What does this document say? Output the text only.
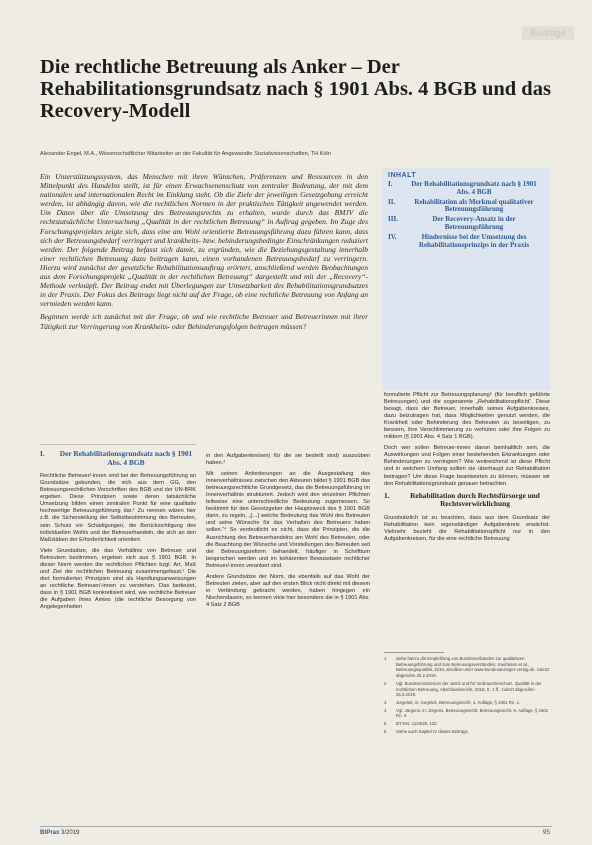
Beiträge
Die rechtliche Betreuung als Anker – Der Rehabilitationsgrundsatz nach § 1901 Abs. 4 BGB und das Recovery-Modell
Alexander Engel, M.A., Wissenschaftlicher Mitarbeiter an der Fakultät für Angewandte Sozialwissenschaften, TH Köln

Ein Unterstützungssystem, das Menschen mit ihren Wünschen, Präferenzen und Ressourcen in den Mittelpunkt des Handelns stellt, ist für einen Erwachsenenschutz von zentraler Bedeutung, der mit dem nationalen und internationalen Recht im Einklang steht. Ob die Ziele der jeweiligen Gesetzgebung erreicht werden, ist abhängig davon, wie die rechtlichen Normen in der praktischen Tätigkeit angewendet werden. Um Daten über die Umsetzung des Betreuungsrechts zu erhalten, wurde durch das BMJV die rechtstatsächliche Untersuchung „Qualität in der rechtlichen Betreuung“ in Auftrag gegeben. Im Zuge des Forschungsprojektes zeigte sich, dass eine am Wohl orientierte Betreuungsführung dazu führen kann, dass sich der Betreuungsbedarf verringert und krankheits- bzw. behinderungsbedingte Einschränkungen reduziert werden. Der folgende Beitrag befasst sich damit, zu ergründen, wie die Beziehungsgestaltung innerhalb einer rechtlichen Betreuung dazu beitragen kann, einen vorhandenen Betreuungsbedarf zu verringern. Hierzu wird zunächst der gesetzliche Rehabilitationsauftrag erörtert, anschließend werden Beobachtungen aus dem Forschungsprojekt „Qualität in der rechtlichen Betreuung“ dargestellt und mit der „Recovery“-Methode verknüpft. Der Beitrag endet mit Überlegungen zur Umsetzbarkeit des Rehabilitationsgrundsatzes in der Praxis. Der Fokus des Beitrags liegt nicht auf der Frage, ob eine rechtliche Betreuung von Anfang an vermieden werden kann.

Beginnen werde ich zunächst mit der Frage, ob und wie rechtliche Betreuer und Betreuerinnen mit ihrer Tätigkeit zur Verringerung von Krankheits- oder Behinderungsfolgen beitragen müssen?

INHALT
I.	Der Rehabilitationsgrundsatz nach § 1901 Abs. 4 BGB
II.	Rehabilitation als Merkmal qualitativer Betreuungsführung
III.	Der Recovery-Ansatz in der Betreuungsführung
IV.	Hindernisse bei der Umsetzung des Rehabilitationsprinzips in der Praxis
I.	Der Rehabilitationsgrundsatz nach § 1901 Abs. 4 BGB

Rechtliche Betreuer/-innen sind bei der Betreuungsführung an Grundsätze gebunden, die sich aus dem GG, den Betreuungsrechtlichen Vorschriften des BGB und der UN-BRK ergeben. Diese Prinzipien sowie deren tatsächliche Umsetzung bilden einen zentralen Punkt für eine qualitativ hochwertige Betreuungsführung dar.¹ Zu nennen wären hier z.B. die Sicherstellung der Selbstbestimmung des Betreuten, sein Schutz vor Schädigungen, die Berücksichtigung des individuellen Wohls und der Betreuerhandeln, die sich an den Maßstäben der Erforderlichkeit orientiert.

Viele Grundsätze, die das Verhältnis von Betreuer und Betreutem bestimmen, ergeben sich aus § 1901 BGB. In dieser Norm werden die rechtlichen Pflichten bzgl. Art, Maß und Ziel der rechtlichen Betreuung zusammengefasst.² Die dort formulierten Prinzipien sind als Handlungsanweisungen an rechtliche Betreuer/-innen zu verstehen. Das bedeutet, dass in § 1901 BGB konkretisiert wird, wie rechtliche Betreuer die Aufgaben ihres Amtes (die rechtliche Besorgung von Angelegenheiten

in den Aufgabenkreisen) für die sie bestellt sind) auszuüben haben.³

Mit seinen Anforderungen an die Ausgestaltung des Innenverhältnisses zwischen den Akteuren bildet § 1901 BGB das betreuungsrechtliche Grundgesetz, das die Betreuungsführung im Innenverhältnis strukturiert. Jedoch wird den einzelnen Pflichten teilweise eine unterschiedliche Bedeutung zugemessen. So bestimmt für den Gesetzgeber der Hauptzweck des § 1901 BGB darin, zu regeln, „[…] welche Bedeutung das Wohl des Betreuten und seine Wünsche für das Verhalten des Betreuers haben sollen.“⁴ So verdeutlicht es nicht, dass die Prinzipien, die die Ausrichtung des Betreuerhandelns am Wohl des Betreuten, oder die Beachtung der Wünsche und Vorstellungen des Betreuten seit der Betreuungsreform behandelt, häufiger in Schrifttum besprochen werden und im kohärenten Bewusstsein rechtlicher Betreuer/-innen verankert sind.

Andere Grundsätze der Norm, die ebenfalls auf das Wohl der Betreuten zielen, aber auf den ersten Blick nicht direkt mit diesem in Verbindung gebracht werden, haben hingegen ein Nischendasein, so kennen viele hier besondere die in § 1901 Abs. 4 Satz 2 BGB

formulierte Pflicht zur Betreuungsplanung⁵ (für beruflich geführte Betreuungen) und die sogenannte „Rehabilitationspflicht“. Diese besagt, dass der Betreuer, innerhalb seines Aufgabenkreises, dazu beizutragen hat, dass Möglichkeiten genutzt werden, die Krankheit oder Behinderung des Betreuten zu beseitigen, zu bessern, ihre Verschlimmerung zu verhüten oder ihre Folgen zu mildern (§ 1901 Abs. 4 Satz 1 BGB).

Doch wer sollen Betreuer-innen davon beinhaltlich sein, die Auswirkungen und Folgen einer bestehenden Erkrankungen oder Behinderungen zu verringern? Wie weitreichend ist diese Pflicht und in welchem Umfang sollten sie überhaupt zur Rehabilitation beitragen? Um diese Frage beantworten zu können, müssen wir den Rehabilitationsgrundsatz genauer betrachten.

1.	Rehabilitation durch Rechtsfürsorge und Rechtsverwirklichung

Grundsätzlich ist zu beachten, dass aus dem Grundsatz der Rehabilitation kein eigenständiger Aufgabenkreis erwächst. Vielmehr bezieht die Rehabilitationspflicht nur in den Aufgabenkreisen, für die eine rechtliche Betreuung

1	siehe hierzu die Empfehlung von Bundesverbänden zur qualitativen Betreuungsführung und zum Betreuungsverständnis, Kaufmann et al., Betreuungsqualität, 2018, abrufbar unter www.bundesanzeiger-verlag.de, zuletzt abgerufen 25.2.2019.
2	Vgl. Bundesministerium der Justiz und für Verbraucherschutz, Qualität in der rechtlichen Betreuung, Abschlussbericht, 2018, S. 1 ff., zuletzt abgerufen 25.2.2019.
3	Jurgeleit, in: Jurgeleit, Betreuungsrecht, 4. Auflage, § 1901 Rn. 1.
4	Vgl. Jürgens, in: Jürgens, Betreuungsrecht, Betreuungsrecht, 6. Auflage, § 1901 Rn. 4.
5	BT-Drs. 11/4528, 133.
6	Siehe auch Kapitel IV dieses Beitrags.
BtPrax 3/2019	95
